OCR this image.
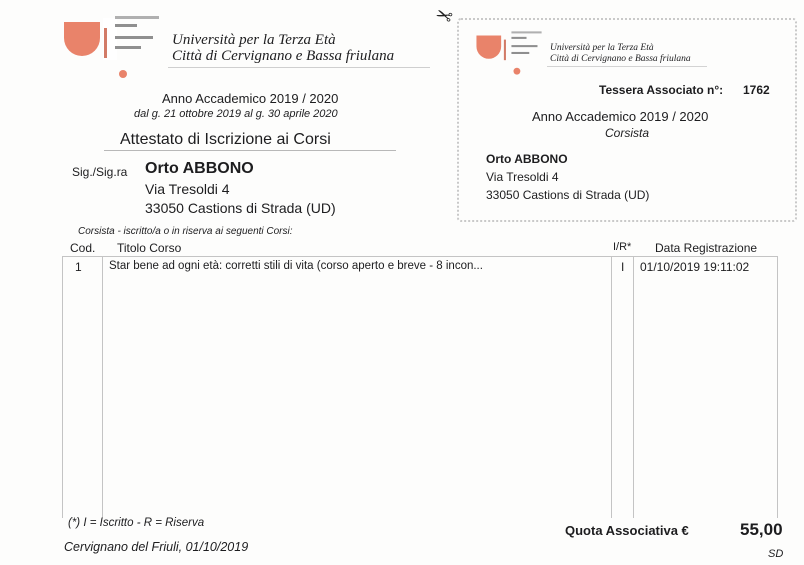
✂
Università per la Terza Età
Città di Cervignano e Bassa friulana
Anno Accademico 2019 / 2020
dal g. 21 ottobre 2019 al g. 30 aprile 2020
Attestato di Iscrizione ai Corsi
Sig./Sig.ra Orto ABBONO
Via Tresoldi 4
33050 Castions di Strada (UD)
Corsista - iscritto/a o in riserva ai seguenti Corsi:
Cod. Titolo Corso	I/R* Data Registrazione
1 Star bene ad ogni età: corretti stili di vita (corso aperto e breve - 8 incon...	I 01/10/2019 19:11:02
(*) I = Iscritto - R = Riserva
Cervignano del Friuli, 01/10/2019
Quota Associativa €	55,00
SD
Università per la Terza Età
Città di Cervignano e Bassa friulana
Tessera Associato n°: 1762
Anno Accademico 2019 / 2020
Corsista
Orto ABBONO
Via Tresoldi 4
33050 Castions di Strada (UD)
